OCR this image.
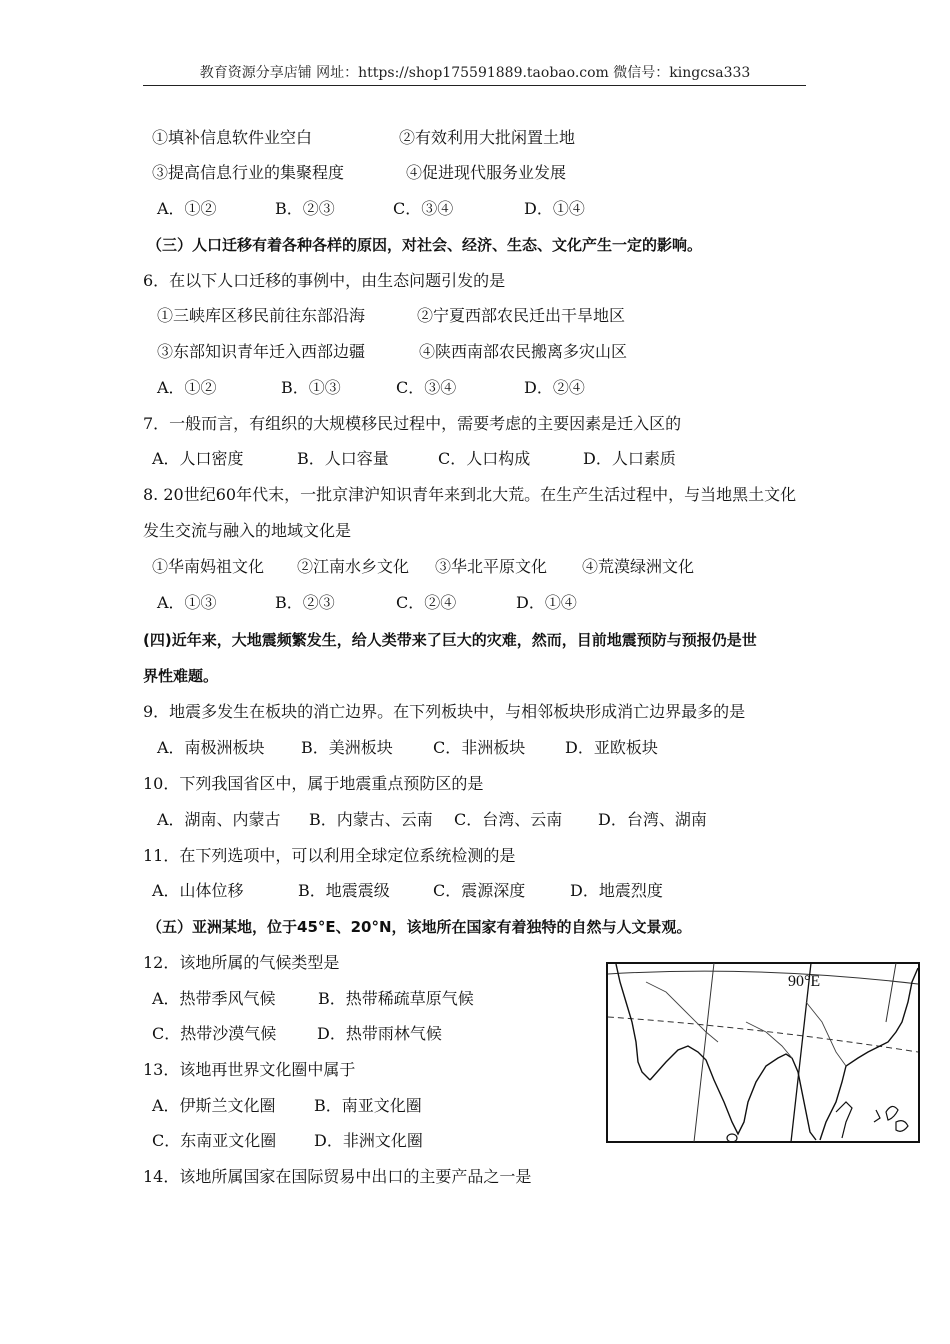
教育资源分享店铺 网址：https://shop175591889.taobao.com 微信号：kingcsa333
①填补信息软件业空白	②有效利用大批闲置土地
③提高信息行业的集聚程度	④促进现代服务业发展
A．①②	B．②③	C．③④	D．①④
（三）人口迁移有着各种各样的原因，对社会、经济、生态、文化产生一定的影响。
6．在以下人口迁移的事例中，由生态问题引发的是
①三峡库区移民前往东部沿海	②宁夏西部农民迁出干旱地区
③东部知识青年迁入西部边疆	④陕西南部农民搬离多灾山区
A．①②	B．①③	C．③④	D．②④
7．一般而言，有组织的大规模移民过程中，需要考虑的主要因素是迁入区的
A．人口密度	B．人口容量	C．人口构成	D．人口素质
8. 20世纪60年代末，一批京津沪知识青年来到北大荒。在生产生活过程中，与当地黑土文化
发生交流与融入的地域文化是
①华南妈祖文化 ②江南水乡文化 ③华北平原文化 ④荒漠绿洲文化
A．①③	B．②③	C．②④	D．①④
(四)近年来，大地震频繁发生，给人类带来了巨大的灾难，然而，目前地震预防与预报仍是世
界性难题。
9．地震多发生在板块的消亡边界。在下列板块中，与相邻板块形成消亡边界最多的是
A．南极洲板块 B．美洲板块	C．非洲板块 D．亚欧板块
10．下列我国省区中，属于地震重点预防区的是
A．湖南、内蒙古 B．内蒙古、云南 C．台湾、云南 D．台湾、湖南
11．在下列选项中，可以利用全球定位系统检测的是
A．山体位移	B．地震震级	C．震源深度	D．地震烈度
（五）亚洲某地，位于45°E、20°N，该地所在国家有着独特的自然与人文景观。
12．该地所属的气候类型是
A．热带季风气候	B．热带稀疏草原气候
C．热带沙漠气候	D．热带雨林气候
13．该地再世界文化圈中属于
A．伊斯兰文化圈 B．南亚文化圈
C．东南亚文化圈 D．非洲文化圈
14．该地所属国家在国际贸易中出口的主要产品之一是
90°E
